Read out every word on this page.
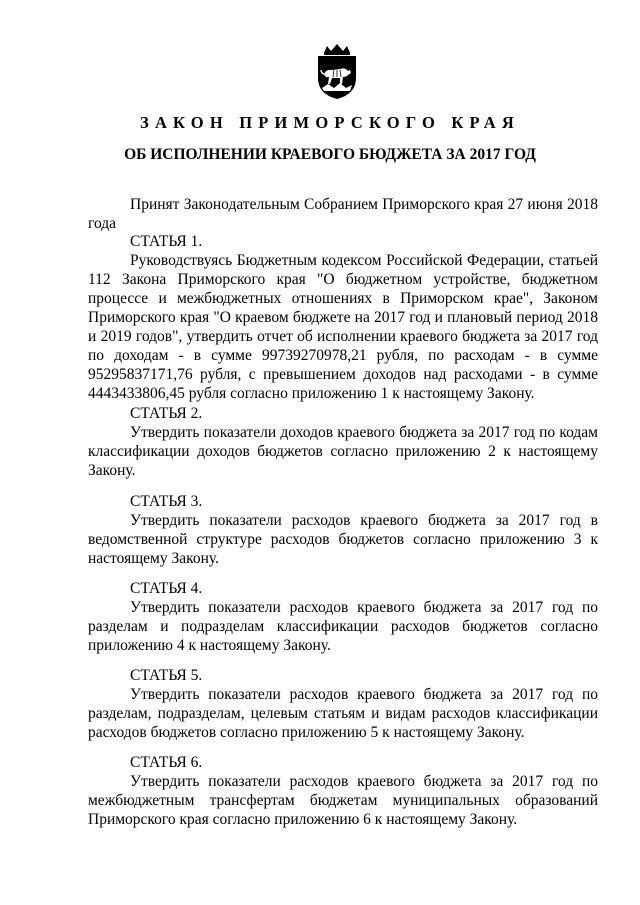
ЗАКОН ПРИМОРСКОГО КРАЯ
ОБ ИСПОЛНЕНИИ КРАЕВОГО БЮДЖЕТА ЗА 2017 ГОД

Принят Законодательным Собранием Приморского края 27 июня 2018 года

СТАТЬЯ 1.

Руководствуясь Бюджетным кодексом Российской Федерации, статьей 112 Закона Приморского края "О бюджетном устройстве, бюджетном процессе и межбюджетных отношениях в Приморском крае", Законом Приморского края "О краевом бюджете на 2017 год и плановый период 2018 и 2019 годов", утвердить отчет об исполнении краевого бюджета за 2017 год по доходам - в сумме 99739270978,21 рубля, по расходам - в сумме 95295837171,76 рубля, с превышением доходов над расходами - в сумме 4443433806,45 рубля согласно приложению 1 к настоящему Закону.

СТАТЬЯ 2.

Утвердить показатели доходов краевого бюджета за 2017 год по кодам классификации доходов бюджетов согласно приложению 2 к настоящему Закону.

СТАТЬЯ 3.

Утвердить показатели расходов краевого бюджета за 2017 год в ведомственной структуре расходов бюджетов согласно приложению 3 к настоящему Закону.

СТАТЬЯ 4.

Утвердить показатели расходов краевого бюджета за 2017 год по разделам и подразделам классификации расходов бюджетов согласно приложению 4 к настоящему Закону.

СТАТЬЯ 5.

Утвердить показатели расходов краевого бюджета за 2017 год по разделам, подразделам, целевым статьям и видам расходов классификации расходов бюджетов согласно приложению 5 к настоящему Закону.

СТАТЬЯ 6.

Утвердить показатели расходов краевого бюджета за 2017 год по межбюджетным трансфертам бюджетам муниципальных образований Приморского края согласно приложению 6 к настоящему Закону.
